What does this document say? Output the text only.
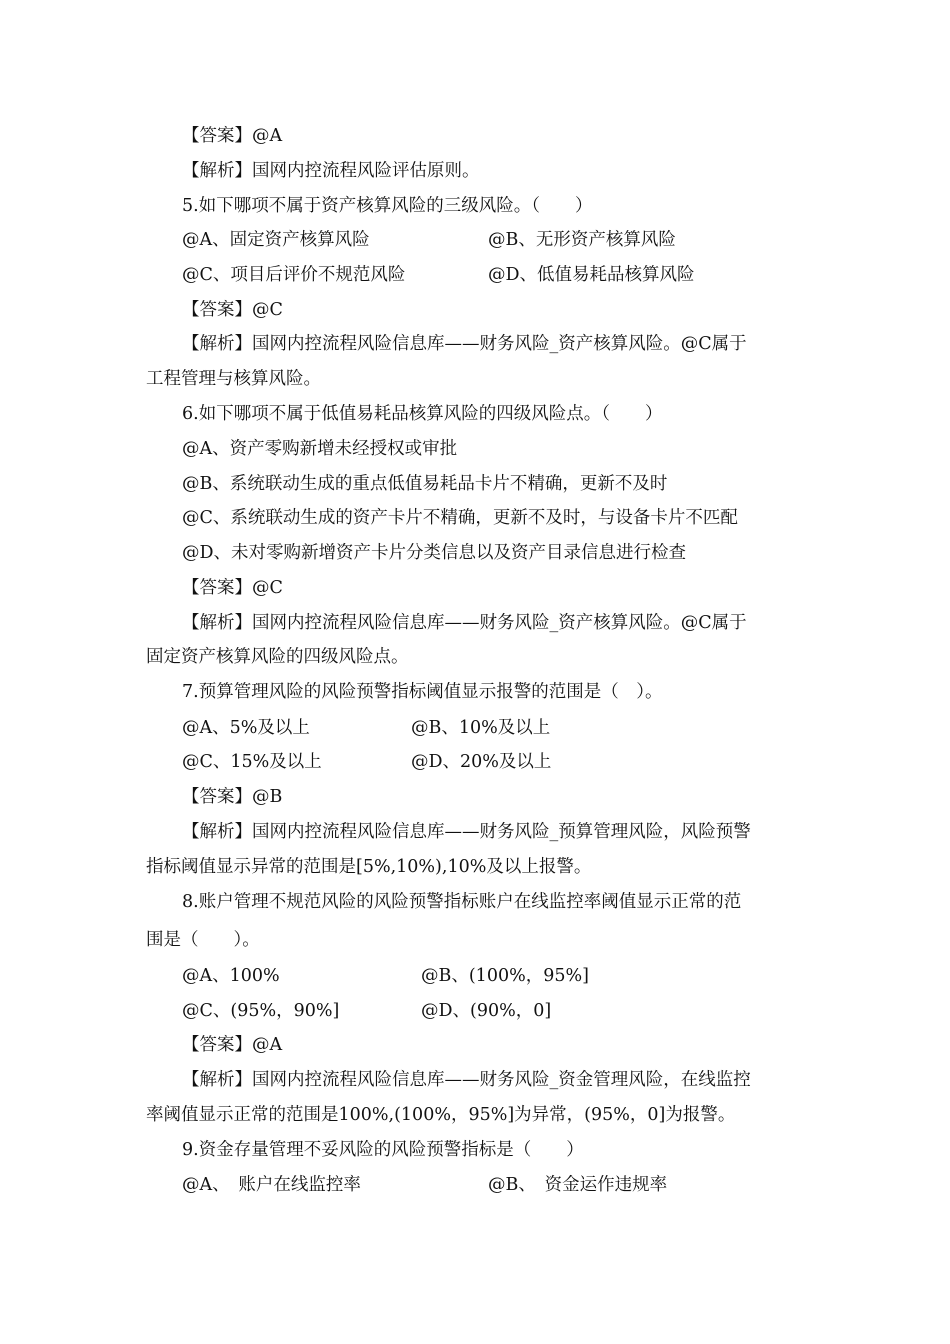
【答案】@A
【解析】国网内控流程风险评估原则。
5.如下哪项不属于资产核算风险的三级风险。（　　）
@A、固定资产核算风险	@B、无形资产核算风险
@C、项目后评价不规范风险	@D、低值易耗品核算风险
【答案】@C
【解析】国网内控流程风险信息库——财务风险_资产核算风险。@C属于
工程管理与核算风险。
6.如下哪项不属于低值易耗品核算风险的四级风险点。（　　）
@A、资产零购新增未经授权或审批
@B、系统联动生成的重点低值易耗品卡片不精确，更新不及时
@C、系统联动生成的资产卡片不精确，更新不及时，与设备卡片不匹配
@D、未对零购新增资产卡片分类信息以及资产目录信息进行检查
【答案】@C
【解析】国网内控流程风险信息库——财务风险_资产核算风险。@C属于
固定资产核算风险的四级风险点。
7.预算管理风险的风险预警指标阈值显示报警的范围是（　）。
@A、5%及以上	@B、10%及以上
@C、15%及以上	@D、20%及以上
【答案】@B
【解析】国网内控流程风险信息库——财务风险_预算管理风险，风险预警
指标阈值显示异常的范围是[5%,10%),10%及以上报警。
8.账户管理不规范风险的风险预警指标账户在线监控率阈值显示正常的范
围是（　　）。
@A、100%	@B、(100%，95%]
@C、(95%，90%]	@D、(90%，0]
【答案】@A
【解析】国网内控流程风险信息库——财务风险_资金管理风险，在线监控
率阈值显示正常的范围是100%,(100%，95%]为异常，(95%，0]为报警。
9.资金存量管理不妥风险的风险预警指标是（　　）
@A、　账户在线监控率	@B、　资金运作违规率
